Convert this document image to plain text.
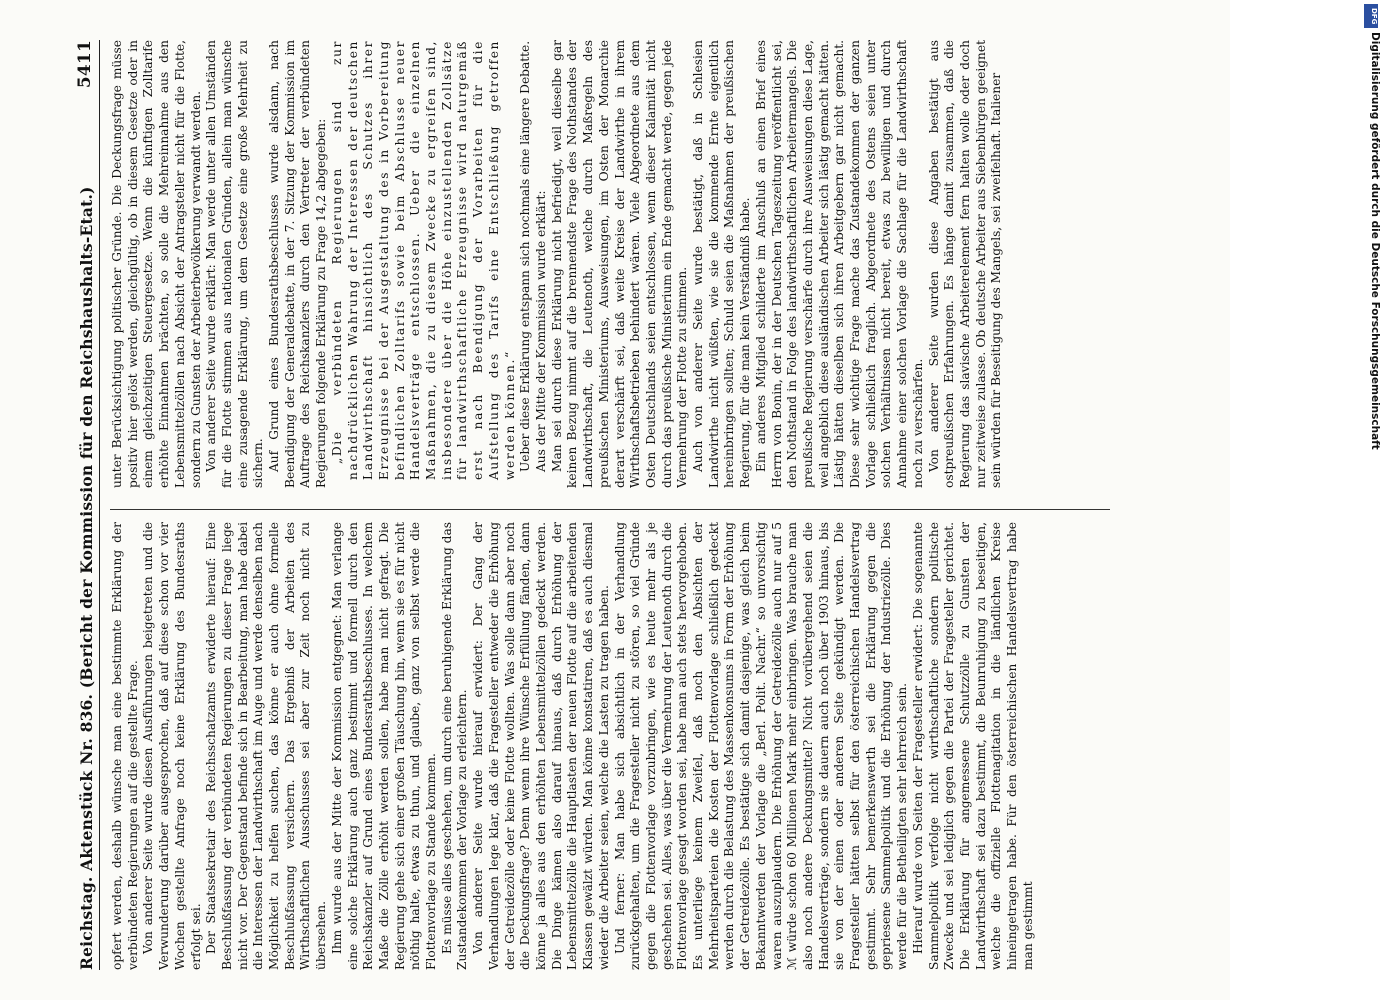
Reichstag. Aktenstück Nr. 836. (Bericht der Kommission für den Reichshaushalts-Etat.)
5411

opfert werden, deshalb wünsche man eine bestimmte Erklärung der verbündeten Regierungen auf die gestellte Frage. Von anderer Seite wurde diesen Ausführungen beigetreten und die Verwunderung darüber ausgesprochen, daß auf diese schon vor vier Wochen gestellte Anfrage noch keine Erklärung des Bundesraths erfolgt sei. Der Staatssekretair des Reichsschatzamts erwiderte hierauf: Eine Beschlußfassung der verbündeten Regierungen zu dieser Frage liege nicht vor. Der Gegenstand befinde sich in Bearbeitung, man habe dabei die Interessen der Landwirthschaft im Auge und werde denselben nach Möglichkeit zu helfen suchen, das könne er auch ohne formelle Beschlußfassung versichern. Das Ergebniß der Arbeiten des Wirthschaftlichen Ausschusses sei aber zur Zeit noch nicht zu übersehen. Ihm wurde aus der Mitte der Kommission entgegnet: Man verlange eine solche Erklärung auch ganz bestimmt und formell durch den Reichskanzler auf Grund eines Bundesrathsbeschlusses. In welchem Maße die Zölle erhöht werden sollen, habe man nicht gefragt. Die Regierung gehe sich einer großen Täuschung hin, wenn sie es für nicht nöthig halte, etwas zu thun, und glaube, ganz von selbst werde die Flottenvorlage zu Stande kommen. Es müsse alles geschehen, um durch eine beruhigende Erklärung das Zustandekommen der Vorlage zu erleichtern. Von anderer Seite wurde hierauf erwidert: Der Gang der Verhandlungen lege klar, daß die Fragesteller entweder die Erhöhung der Getreidezölle oder keine Flotte wollten. Was solle dann aber noch die Deckungsfrage? Denn wenn ihre Wünsche Erfüllung fänden, dann könne ja alles aus den erhöhten Lebensmittelzöllen gedeckt werden. Die Dinge kämen also darauf hinaus, daß durch Erhöhung der Lebensmittelzölle die Hauptlasten der neuen Flotte auf die arbeitenden Klassen gewälzt würden. Man könne konstatiren, daß es auch diesmal wieder die Arbeiter seien, welche die Lasten zu tragen haben. Und ferner: Man habe sich absichtlich in der Verhandlung zurückgehalten, um die Fragesteller nicht zu stören, so viel Gründe gegen die Flottenvorlage vorzubringen, wie es heute mehr als je geschehen sei. Alles, was über die Vermehrung der Leutenoth durch die Flottenvorlage gesagt worden sei, habe man auch stets hervorgehoben. Es unterliege keinem Zweifel, daß noch den Absichten der Mehrheitsparteien die Kosten der Flottenvorlage schließlich gedeckt werden durch die Belastung des Massenkonsums in Form der Erhöhung der Getreidezölle. Es bestätige sich damit dasjenige, was gleich beim Bekanntwerden der Vorlage die „Berl. Polit. Nachr.“ so unvorsichtig waren auszuplaudern. Die Erhöhung der Getreidezölle auch nur auf 5 ℳ würde schon 60 Millionen Mark mehr einbringen. Was brauche man also noch andere Deckungsmittel? Nicht vorübergehend seien die Handelsverträge, sondern sie dauern auch noch über 1903 hinaus, bis sie von der einen oder anderen Seite gekündigt werden. Die Fragesteller hätten selbst für den österreichischen Handelsvertrag gestimmt. Sehr bemerkenswerth sei die Erklärung gegen die gepriesene Sammelpolitik und die Erhöhung der Industriezölle. Dies werde für die Betheiligten sehr lehrreich sein. Hierauf wurde von Seiten der Fragesteller erwidert: Die sogenannte Sammelpolitik verfolge nicht wirthschaftliche sondern politische Zwecke und sei lediglich gegen die Partei der Fragesteller gerichtet. Die Erklärung für angemessene Schutzzölle zu Gunsten der Landwirthschaft sei dazu bestimmt, die Beunruhigung zu beseitigen, welche die offizielle Flottenagitation in die ländlichen Kreise hineingetragen habe. Für den österreichischen Handelsvertrag habe man gestimmt

unter Berücksichtigung politischer Gründe. Die Deckungsfrage müsse positiv hier gelöst werden, gleichgültig, ob in diesem Gesetze oder in einem gleichzeitigen Steuergesetze. Wenn die künftigen Zolltarife erhöhte Einnahmen brächten, so solle die Mehreinnahme aus den Lebensmittelzöllen nach Absicht der Antragsteller nicht für die Flotte, sondern zu Gunsten der Arbeiterbevölkerung verwandt werden. Von anderer Seite wurde erklärt: Man werde unter allen Umständen für die Flotte stimmen aus nationalen Gründen, allein man wünsche eine zusagende Erklärung, um dem Gesetze eine große Mehrheit zu sichern. Auf Grund eines Bundesrathsbeschlusses wurde alsdann, nach Beendigung der Generaldebatte, in der 7. Sitzung der Kommission im Auftrage des Reichskanzlers durch den Vertreter der verbündeten Regierungen folgende Erklärung zu Frage 14,2 abgegeben: „Die verbündeten Regierungen sind zur nachdrücklichen Wahrung der Interessen der deutschen Landwirthschaft hinsichtlich des Schutzes ihrer Erzeugnisse bei der Ausgestaltung des in Vorbereitung befindlichen Zolltarifs sowie beim Abschlusse neuer Handelsverträge entschlossen. Ueber die einzelnen Maßnahmen, die zu diesem Zwecke zu ergreifen sind, insbesondere über die Höhe einzustellenden Zollsätze für landwirthschaftliche Erzeugnisse wird naturgemäß erst nach Beendigung der Vorarbeiten für die Aufstellung des Tarifs eine Entschließung getroffen werden können.“ Ueber diese Erklärung entspann sich nochmals eine längere Debatte. Aus der Mitte der Kommission wurde erklärt: Man sei durch diese Erklärung nicht befriedigt, weil dieselbe gar keinen Bezug nimmt auf die brennendste Frage des Nothstandes der Landwirthschaft, die Leutenoth, welche durch Maßregeln des preußischen Ministeriums, Ausweisungen, im Osten der Monarchie derart verschärft sei, daß weite Kreise der Landwirthe in ihrem Wirthschaftsbetrieben behindert wären. Viele Abgeordnete aus dem Osten Deutschlands seien entschlossen, wenn dieser Kalamität nicht durch das preußische Ministerium ein Ende gemacht werde, gegen jede Vermehrung der Flotte zu stimmen. Auch von anderer Seite wurde bestätigt, daß in Schlesien Landwirthe nicht wüßten, wie sie die kommende Ernte eigentlich hereinbringen sollten; Schuld seien die Maßnahmen der preußischen Regierung, für die man kein Verständniß habe. Ein anderes Mitglied schilderte im Anschluß an einen Brief eines Herrn von Bonin, der in der Deutschen Tageszeitung veröffentlicht sei, den Nothstand in Folge des landwirthschaftlichen Arbeitermangels. Die preußische Regierung verschärfe durch ihre Ausweisungen diese Lage, weil angeblich diese ausländischen Arbeiter sich lästig gemacht hätten. Lästig hätten dieselben sich ihren Arbeitgebern gar nicht gemacht. Diese sehr wichtige Frage mache das Zustandekommen der ganzen Vorlage schließlich fraglich. Abgeordnete des Ostens seien unter solchen Verhältnissen nicht bereit, etwas zu bewilligen und durch Annahme einer solchen Vorlage die Sachlage für die Landwirthschaft noch zu verschärfen. Von anderer Seite wurden diese Angaben bestätigt aus ostpreußischen Erfahrungen. Es hänge damit zusammen, daß die Regierung das slavische Arbeiterelement fern halten wolle oder doch nur zeitweise zulasse. Ob deutsche Arbeiter aus Siebenbürgen geeignet sein würden für Beseitigung des Mangels, sei zweifelhaft. Italiener

DFG
Digitalisierung gefördert durch die Deutsche Forschungsgemeinschaft
